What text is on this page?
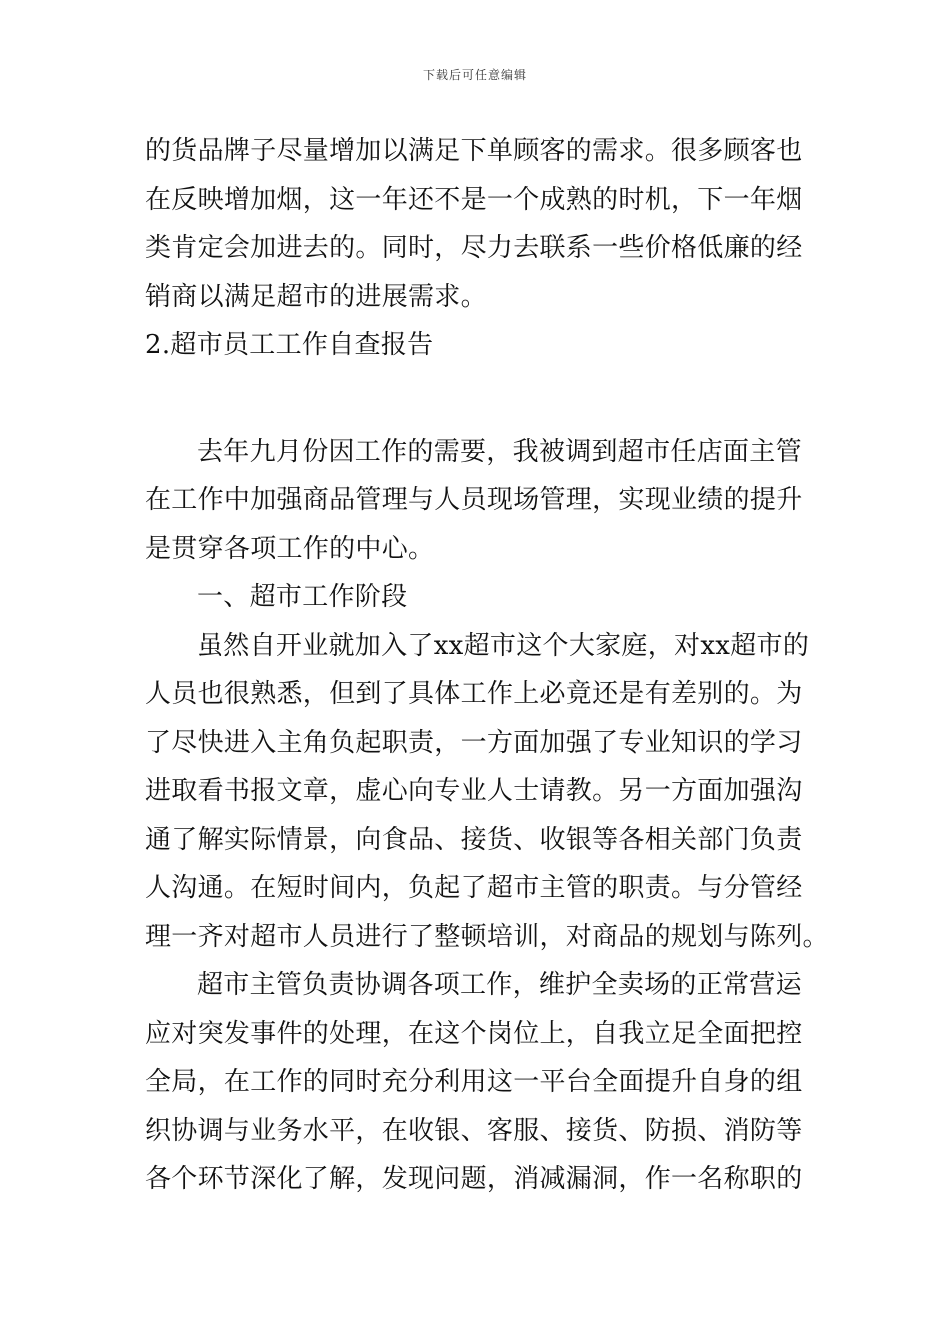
下载后可任意编辑
的货品牌子尽量增加以满足下单顾客的需求。很多顾客也
在反映增加烟，这一年还不是一个成熟的时机，下一年烟
类肯定会加进去的。同时，尽力去联系一些价格低廉的经
销商以满足超市的进展需求。
2.超市员工工作自查报告
去年九月份因工作的需要，我被调到超市任店面主管
在工作中加强商品管理与人员现场管理，实现业绩的提升
是贯穿各项工作的中心。
一、超市工作阶段
虽然自开业就加入了xx超市这个大家庭，对xx超市的
人员也很熟悉，但到了具体工作上必竟还是有差别的。为
了尽快进入主角负起职责，一方面加强了专业知识的学习
进取看书报文章，虚心向专业人士请教。另一方面加强沟
通了解实际情景，向食品、接货、收银等各相关部门负责
人沟通。在短时间内，负起了超市主管的职责。与分管经
理一齐对超市人员进行了整顿培训，对商品的规划与陈列。
超市主管负责协调各项工作，维护全卖场的正常营运
应对突发事件的处理，在这个岗位上，自我立足全面把控
全局，在工作的同时充分利用这一平台全面提升自身的组
织协调与业务水平，在收银、客服、接货、防损、消防等
各个环节深化了解，发现问题，消减漏洞，作一名称职的
